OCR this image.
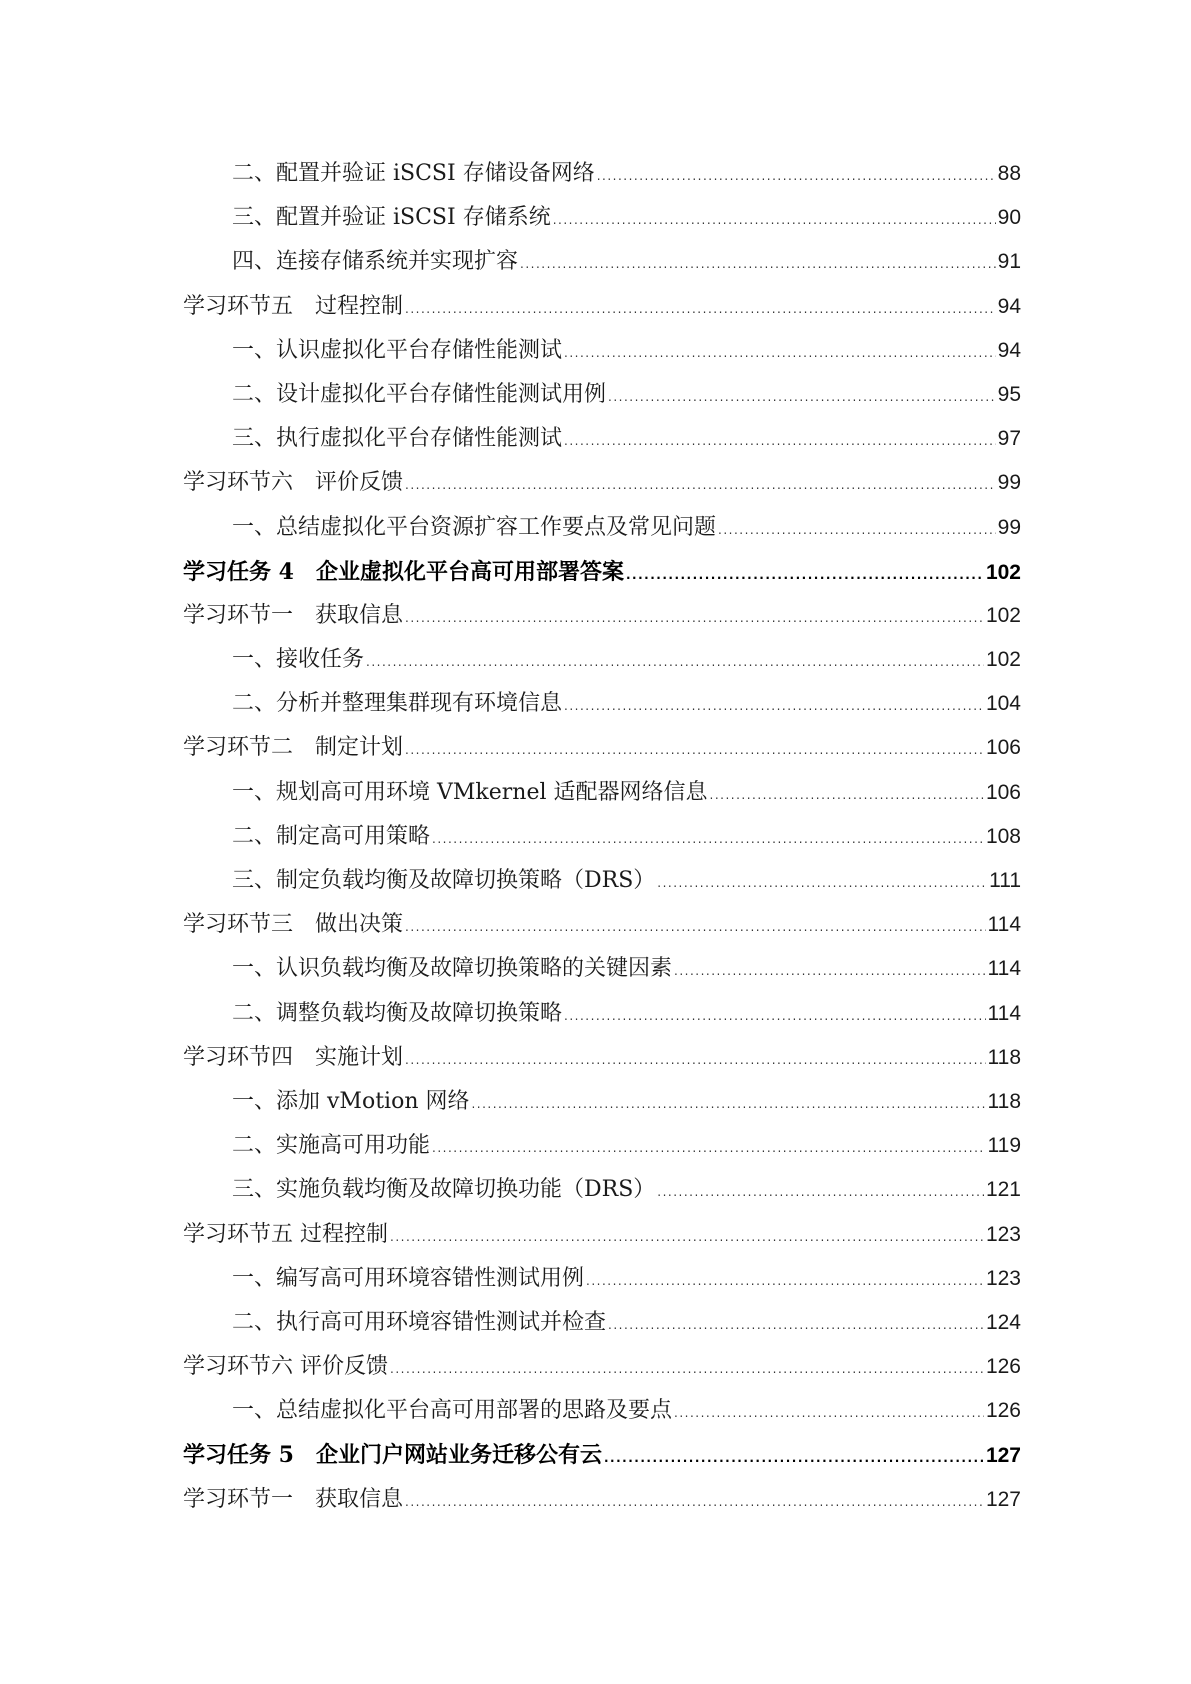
二、配置并验证 iSCSI 存储设备网络 .....	88
三、配置并验证 iSCSI 存储系统 .....	90
四、连接存储系统并实现扩容 .....	91
学习环节五　过程控制 .....	94
一、认识虚拟化平台存储性能测试 .....	94
二、设计虚拟化平台存储性能测试用例 .....	95
三、执行虚拟化平台存储性能测试 .....	97
学习环节六　评价反馈 .....	99
一、总结虚拟化平台资源扩容工作要点及常见问题 .....	99
学习任务 4　企业虚拟化平台高可用部署答案 .....	102
学习环节一　获取信息 .....	102
一、接收任务 .....	102
二、分析并整理集群现有环境信息 .....	104
学习环节二　制定计划 .....	106
一、规划高可用环境 VMkernel 适配器网络信息 .....	106
二、制定高可用策略 .....	108
三、制定负载均衡及故障切换策略（DRS） .....	111
学习环节三　做出决策 .....	114
一、认识负载均衡及故障切换策略的关键因素 .....	114
二、调整负载均衡及故障切换策略 .....	114
学习环节四　实施计划 .....	118
一、添加 vMotion 网络 .....	118
二、实施高可用功能 .....	119
三、实施负载均衡及故障切换功能（DRS） .....	121
学习环节五 过程控制 .....	123
一、编写高可用环境容错性测试用例 .....	123
二、执行高可用环境容错性测试并检查 .....	124
学习环节六 评价反馈 .....	126
一、总结虚拟化平台高可用部署的思路及要点 .....	126
学习任务 5　企业门户网站业务迁移公有云 .....	127
学习环节一　获取信息 .....	127
